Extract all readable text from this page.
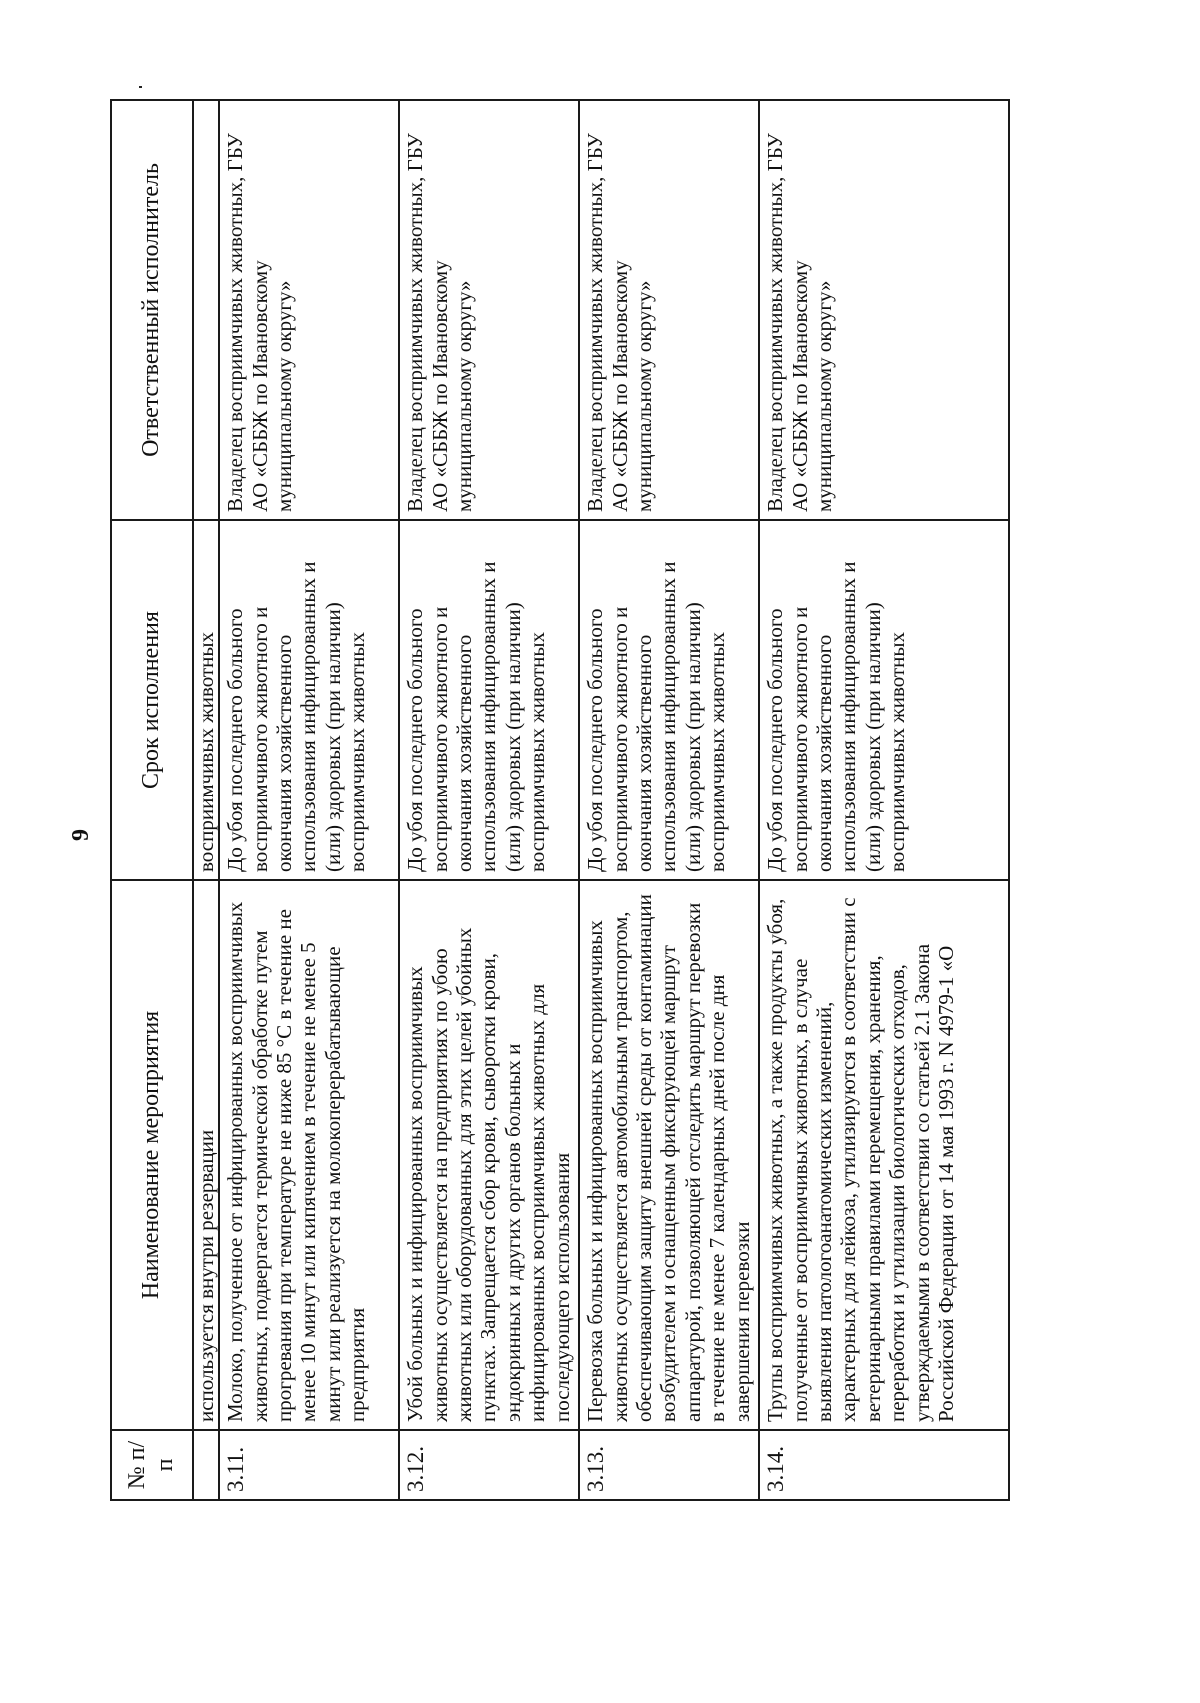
9
№ п/п	Наименование мероприятия	Срок исполнения	Ответственный исполнитель
	используется внутри резервации	восприимчивых животных	
3.11.	Молоко, полученное от инфицированных восприимчивых животных, подвергается термической обработке путем прогревания при температуре не ниже 85 °С в течение не менее 10 минут или кипячением в течение не менее 5 минут или реализуется на молокоперерабатывающие предприятия	До убоя последнего больного восприимчивого животного и окончания хозяйственного использования инфицированных и (или) здоровых (при наличии) восприимчивых животных	Владелец восприимчивых животных, ГБУ АО «СББЖ по Ивановскому муниципальному округу»
3.12.	Убой больных и инфицированных восприимчивых животных осуществляется на предприятиях по убою животных или оборудованных для этих целей убойных пунктах. Запрещается сбор крови, сыворотки крови, эндокринных и других органов больных и инфицированных восприимчивых животных для последующего использования	До убоя последнего больного восприимчивого животного и окончания хозяйственного использования инфицированных и (или) здоровых (при наличии) восприимчивых животных	Владелец восприимчивых животных, ГБУ АО «СББЖ по Ивановскому муниципальному округу»
3.13.	Перевозка больных и инфицированных восприимчивых животных осуществляется автомобильным транспортом, обеспечивающим защиту внешней среды от контаминации возбудителем и оснащенным фиксирующей маршрут аппаратурой, позволяющей отследить маршрут перевозки в течение не менее 7 календарных дней после дня завершения перевозки	До убоя последнего больного восприимчивого животного и окончания хозяйственного использования инфицированных и (или) здоровых (при наличии) восприимчивых животных	Владелец восприимчивых животных, ГБУ АО «СББЖ по Ивановскому муниципальному округу»
3.14.	Трупы восприимчивых животных, а также продукты убоя, полученные от восприимчивых животных, в случае выявления патологоанатомических изменений, характерных для лейкоза, утилизируются в соответствии с ветеринарными правилами перемещения, хранения, переработки и утилизации биологических отходов, утверждаемыми в соответствии со статьей 2.1 Закона Российской Федерации от 14 мая 1993 г. N 4979-1 «О	До убоя последнего больного восприимчивого животного и окончания хозяйственного использования инфицированных и (или) здоровых (при наличии) восприимчивых животных	Владелец восприимчивых животных, ГБУ АО «СББЖ по Ивановскому муниципальному округу»
